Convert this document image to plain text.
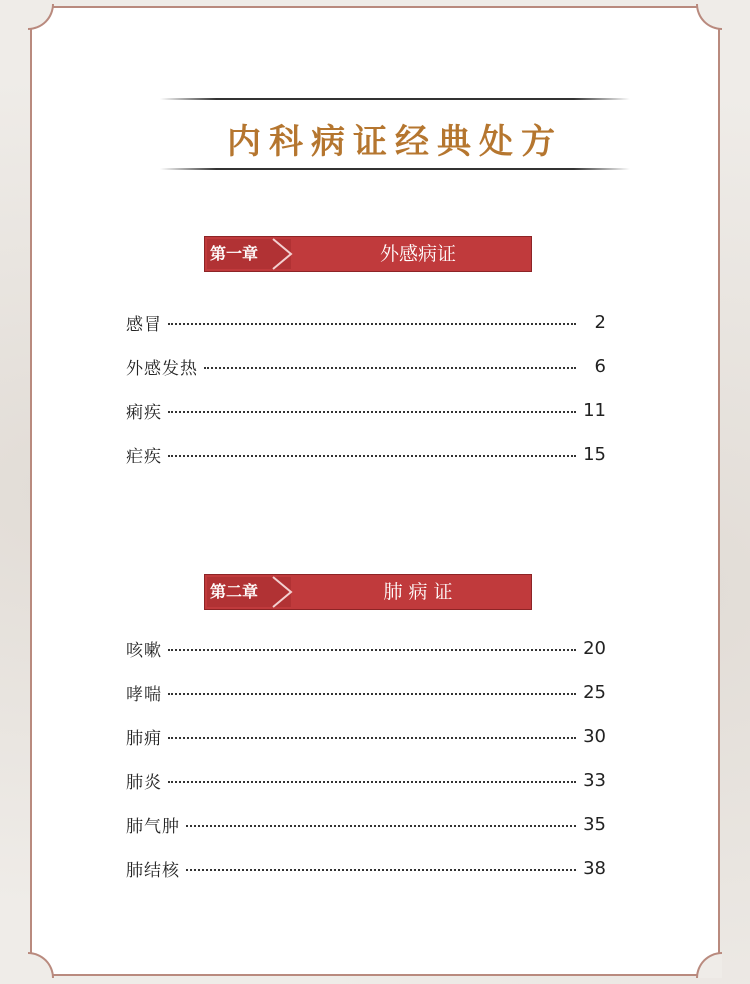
内科病证经典处方
第一章	外感病证
感冒	2
外感发热	6
痢疾	11
疟疾	15
第二章	肺 病 证
咳嗽	20
哮喘	25
肺痈	30
肺炎	33
肺气肿	35
肺结核	38
